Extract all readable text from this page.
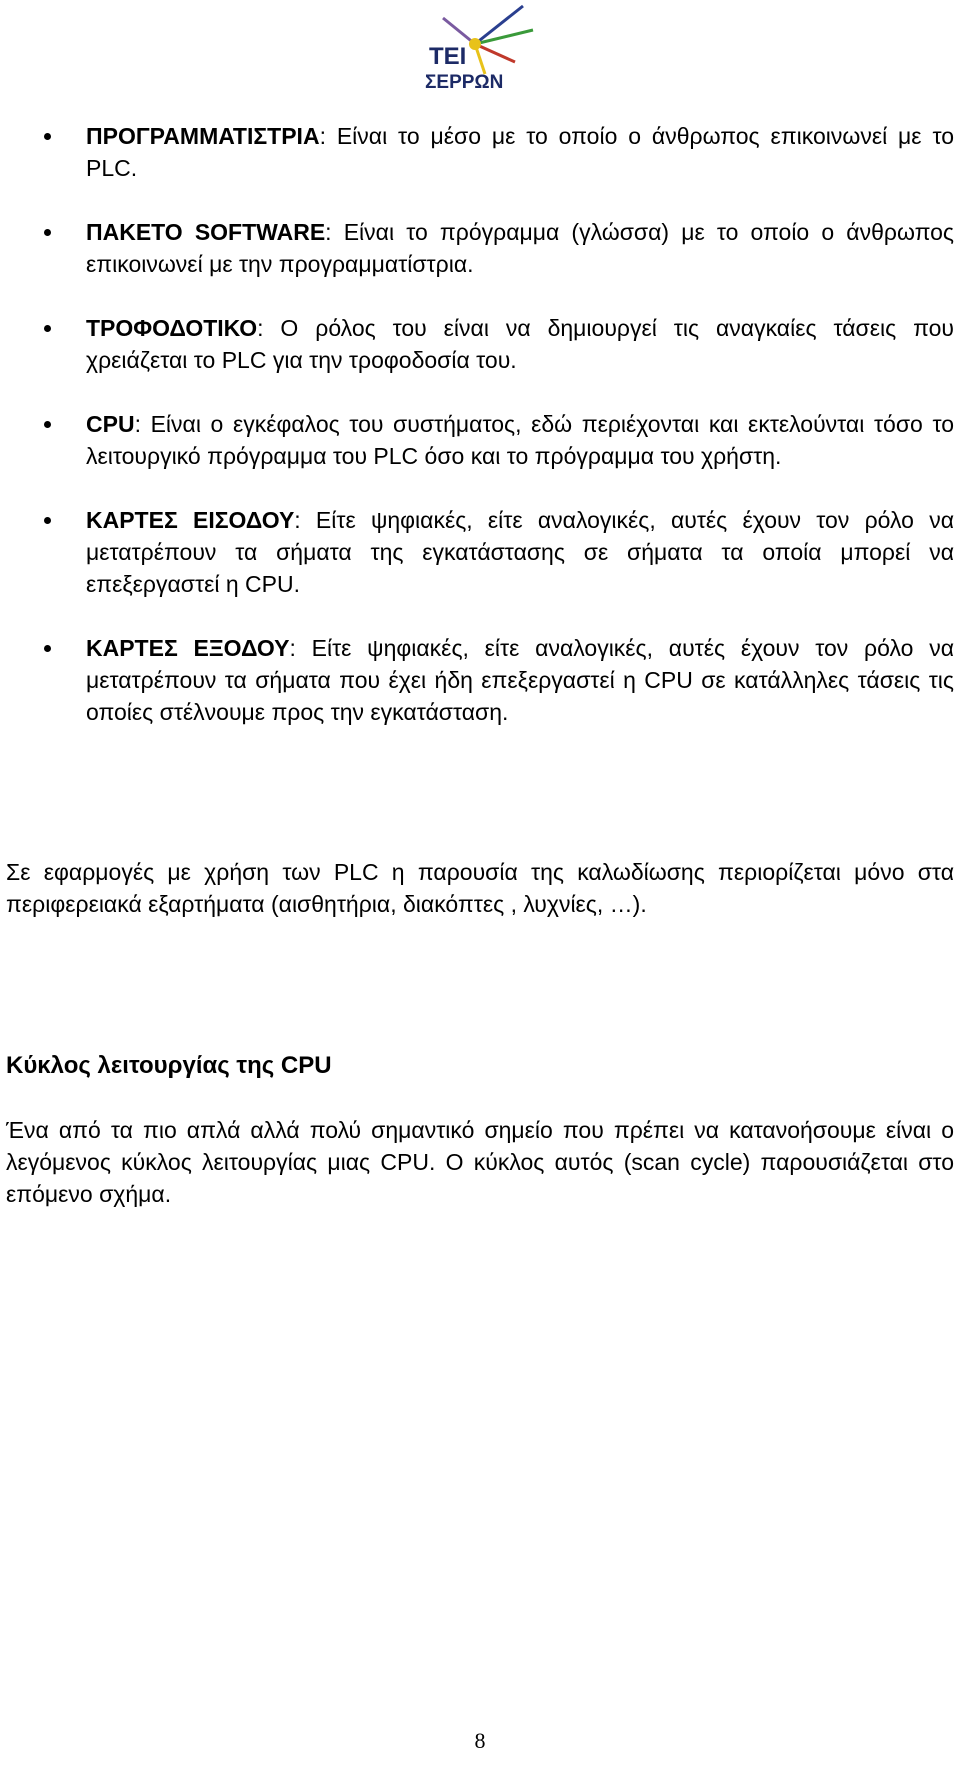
ΤΕΙ
ΣΕΡΡΩΝ
ΠΡΟΓΡΑΜΜΑΤΙΣΤΡΙΑ: Είναι το μέσο με το οποίο ο άνθρωπος επικοινωνεί με το PLC.
ΠΑΚΕΤΟ SOFTWARE: Είναι το πρόγραμμα (γλώσσα) με το οποίο ο άνθρωπος επικοινωνεί με την προγραμματίστρια.
ΤΡΟΦΟΔΟΤΙΚΟ: Ο ρόλος του είναι να δημιουργεί τις αναγκαίες τάσεις που χρειάζεται το PLC για την τροφοδοσία του.
CPU: Είναι ο εγκέφαλος του συστήματος, εδώ περιέχονται και εκτελούνται τόσο το λειτουργικό πρόγραμμα του PLC όσο και το πρόγραμμα του χρήστη.
ΚΑΡΤΕΣ ΕΙΣΟΔΟΥ: Είτε ψηφιακές, είτε αναλογικές, αυτές έχουν τον ρόλο να μετατρέπουν τα σήματα της εγκατάστασης σε σήματα τα οποία μπορεί να επεξεργαστεί η CPU.
ΚΑΡΤΕΣ ΕΞΟΔΟΥ: Είτε ψηφιακές, είτε αναλογικές, αυτές έχουν τον ρόλο να μετατρέπουν τα σήματα που έχει ήδη επεξεργαστεί η CPU σε κατάλληλες τάσεις τις οποίες στέλνουμε προς την εγκατάσταση.

Σε εφαρμογές με χρήση των PLC η παρουσία της καλωδίωσης περιορίζεται μόνο στα περιφερειακά εξαρτήματα (αισθητήρια, διακόπτες , λυχνίες, …).

Κύκλος λειτουργίας της CPU

Ένα από τα πιο απλά αλλά πολύ σημαντικό σημείο που πρέπει να κατανοήσουμε είναι ο λεγόμενος κύκλος λειτουργίας μιας CPU. Ο κύκλος αυτός (scan cycle) παρουσιάζεται στο επόμενο σχήμα.

8
